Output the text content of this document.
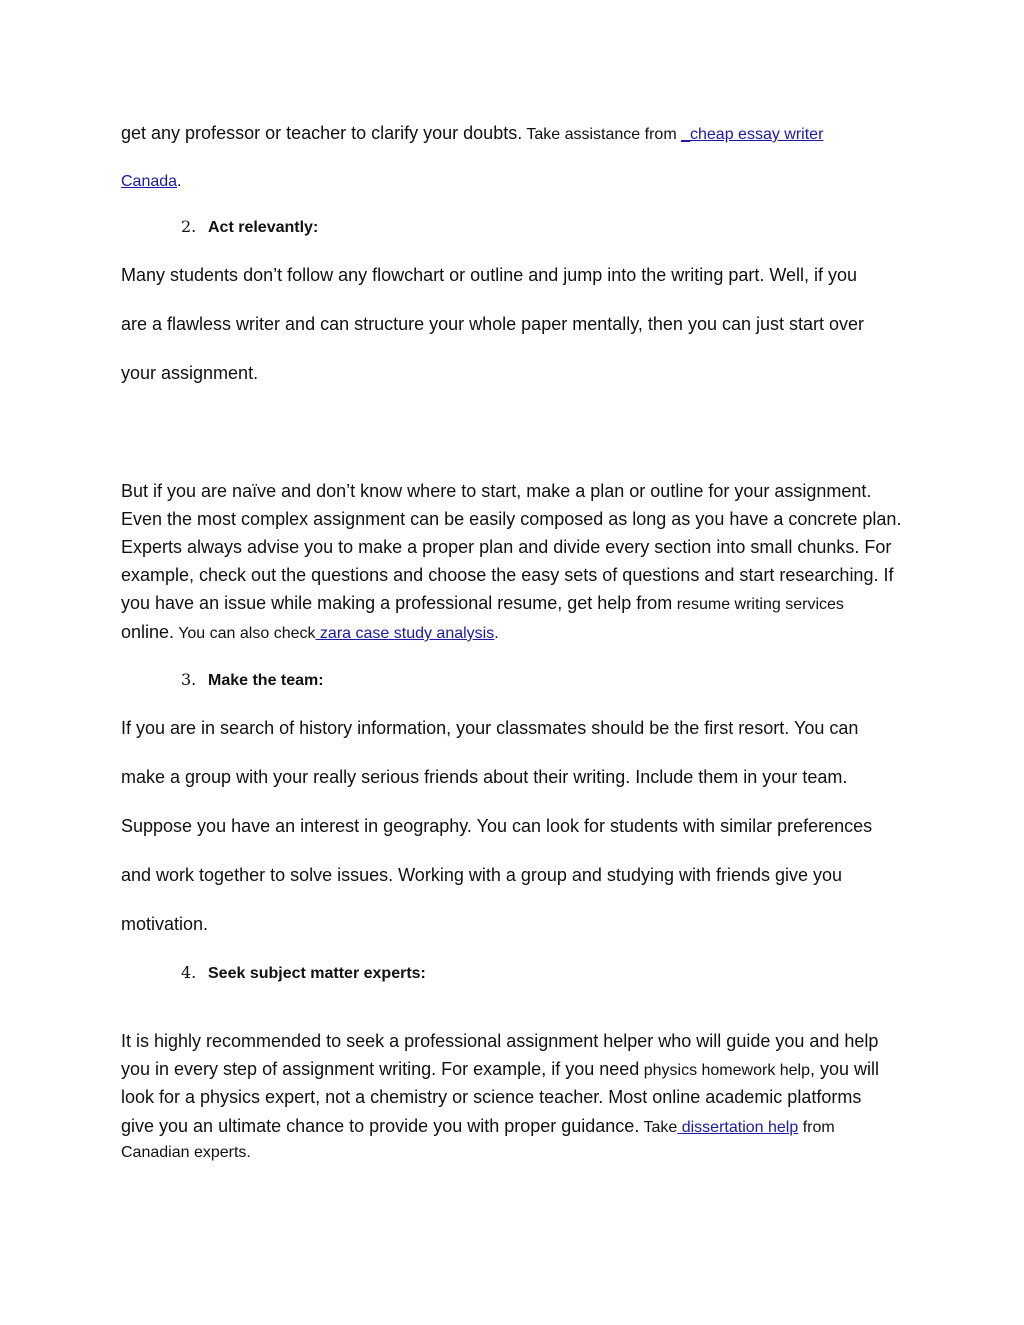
get any professor or teacher to clarify your doubts. Take assistance from _cheap essay writer
Canada.
2. Act relevantly:
Many students don’t follow any flowchart or outline and jump into the writing part. Well, if you
are a flawless writer and can structure your whole paper mentally, then you can just start over
your assignment.
But if you are naïve and don’t know where to start, make a plan or outline for your assignment.
Even the most complex assignment can be easily composed as long as you have a concrete plan.
Experts always advise you to make a proper plan and divide every section into small chunks. For
example, check out the questions and choose the easy sets of questions and start researching. If
you have an issue while making a professional resume, get help from resume writing services
online. You can also check zara case study analysis.
3. Make the team:
If you are in search of history information, your classmates should be the first resort. You can
make a group with your really serious friends about their writing. Include them in your team.
Suppose you have an interest in geography. You can look for students with similar preferences
and work together to solve issues. Working with a group and studying with friends give you
motivation.
4. Seek subject matter experts:
It is highly recommended to seek a professional assignment helper who will guide you and help
you in every step of assignment writing. For example, if you need physics homework help, you will
look for a physics expert, not a chemistry or science teacher. Most online academic platforms
give you an ultimate chance to provide you with proper guidance. Take dissertation help from
Canadian experts.
